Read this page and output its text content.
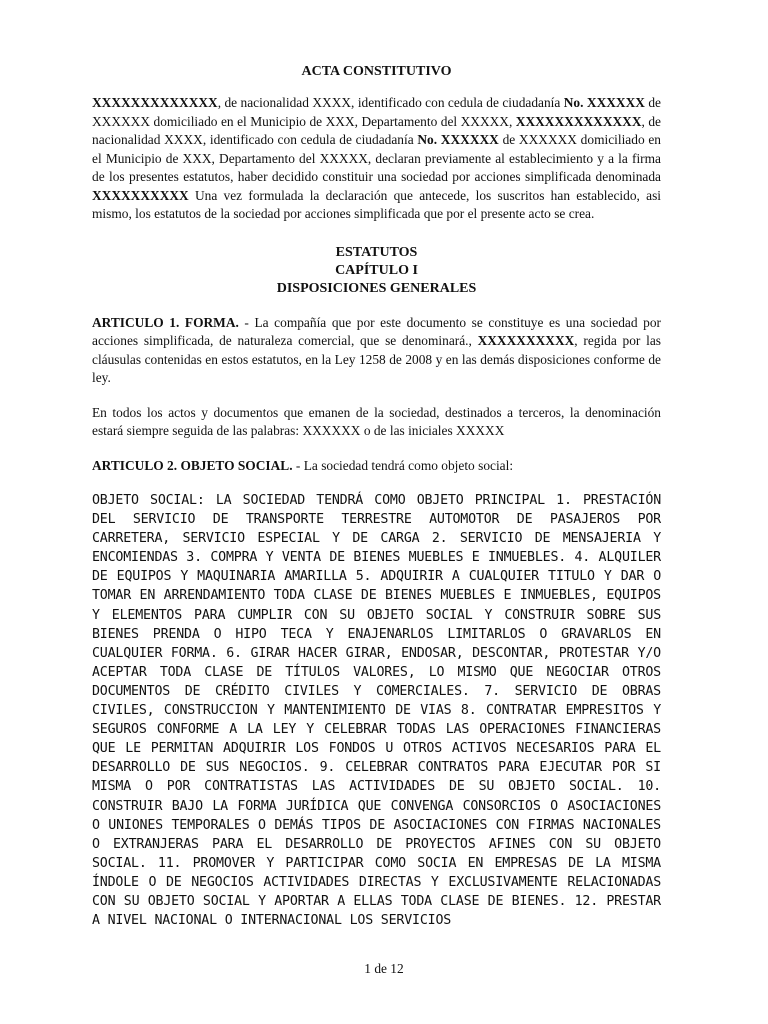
ACTA CONSTITUTIVO

XXXXXXXXXXXXX, de nacionalidad XXXX, identificado con cedula de ciudadanía No. XXXXXX de XXXXXX domiciliado en el Municipio de XXX, Departamento del XXXXX, XXXXXXXXXXXXX, de nacionalidad XXXX, identificado con cedula de ciudadanía No. XXXXXX de XXXXXX domiciliado en el Municipio de XXX, Departamento del XXXXX, declaran previamente al establecimiento y a la firma de los presentes estatutos, haber decidido constituir una sociedad por acciones simplificada denominada XXXXXXXXXX Una vez formulada la declaración que antecede, los suscritos han establecido, asi mismo, los estatutos de la sociedad por acciones simplificada que por el presente acto se crea.

ESTATUTOS
CAPÍTULO I
DISPOSICIONES GENERALES

ARTICULO 1. FORMA. - La compañía que por este documento se constituye es una sociedad por acciones simplificada, de naturaleza comercial, que se denominará., XXXXXXXXXX, regida por las cláusulas contenidas en estos estatutos, en la Ley 1258 de 2008 y en las demás disposiciones conforme de ley.

En todos los actos y documentos que emanen de la sociedad, destinados a terceros, la denominación estará siempre seguida de las palabras: XXXXXX o de las iniciales XXXXX

ARTICULO 2. OBJETO SOCIAL. - La sociedad tendrá como objeto social:

OBJETO SOCIAL: LA SOCIEDAD TENDRÁ COMO OBJETO PRINCIPAL 1. PRESTACIÓN DEL SERVICIO DE TRANSPORTE TERRESTRE AUTOMOTOR DE PASAJEROS POR CARRETERA, SERVICIO ESPECIAL Y DE CARGA 2. SERVICIO DE MENSAJERIA Y ENCOMIENDAS 3. COMPRA Y VENTA DE BIENES MUEBLES E INMUEBLES. 4. ALQUILER DE EQUIPOS Y MAQUINARIA AMARILLA 5. ADQUIRIR A CUALQUIER TITULO Y DAR O TOMAR EN ARRENDAMIENTO TODA CLASE DE BIENES MUEBLES E INMUEBLES, EQUIPOS Y ELEMENTOS PARA CUMPLIR CON SU OBJETO SOCIAL Y CONSTRUIR SOBRE SUS BIENES PRENDA O HIPO TECA Y ENAJENARLOS LIMITARLOS O GRAVARLOS EN CUALQUIER FORMA. 6. GIRAR HACER GIRAR, ENDOSAR, DESCONTAR, PROTESTAR Y/O ACEPTAR TODA CLASE DE TÍTULOS VALORES, LO MISMO QUE NEGOCIAR OTROS DOCUMENTOS DE CRÉDITO CIVILES Y COMERCIALES. 7. SERVICIO DE OBRAS CIVILES, CONSTRUCCION Y MANTENIMIENTO DE VIAS 8. CONTRATAR EMPRESITOS Y SEGUROS CONFORME A LA LEY Y CELEBRAR TODAS LAS OPERACIONES FINANCIERAS QUE LE PERMITAN ADQUIRIR LOS FONDOS U OTROS ACTIVOS NECESARIOS PARA EL DESARROLLO DE SUS NEGOCIOS. 9. CELEBRAR CONTRATOS PARA EJECUTAR POR SI MISMA O POR CONTRATISTAS LAS ACTIVIDADES DE SU OBJETO SOCIAL. 10. CONSTRUIR BAJO LA FORMA JURÍDICA QUE CONVENGA CONSORCIOS O ASOCIACIONES O UNIONES TEMPORALES O DEMÁS TIPOS DE ASOCIACIONES CON FIRMAS NACIONALES O EXTRANJERAS PARA EL DESARROLLO DE PROYECTOS AFINES CON SU OBJETO SOCIAL. 11. PROMOVER Y PARTICIPAR COMO SOCIA EN EMPRESAS DE LA MISMA ÍNDOLE O DE NEGOCIOS ACTIVIDADES DIRECTAS Y EXCLUSIVAMENTE RELACIONADAS CON SU OBJETO SOCIAL Y APORTAR A ELLAS TODA CLASE DE BIENES. 12. PRESTAR A NIVEL NACIONAL O INTERNACIONAL LOS SERVICIOS

1 de 12
